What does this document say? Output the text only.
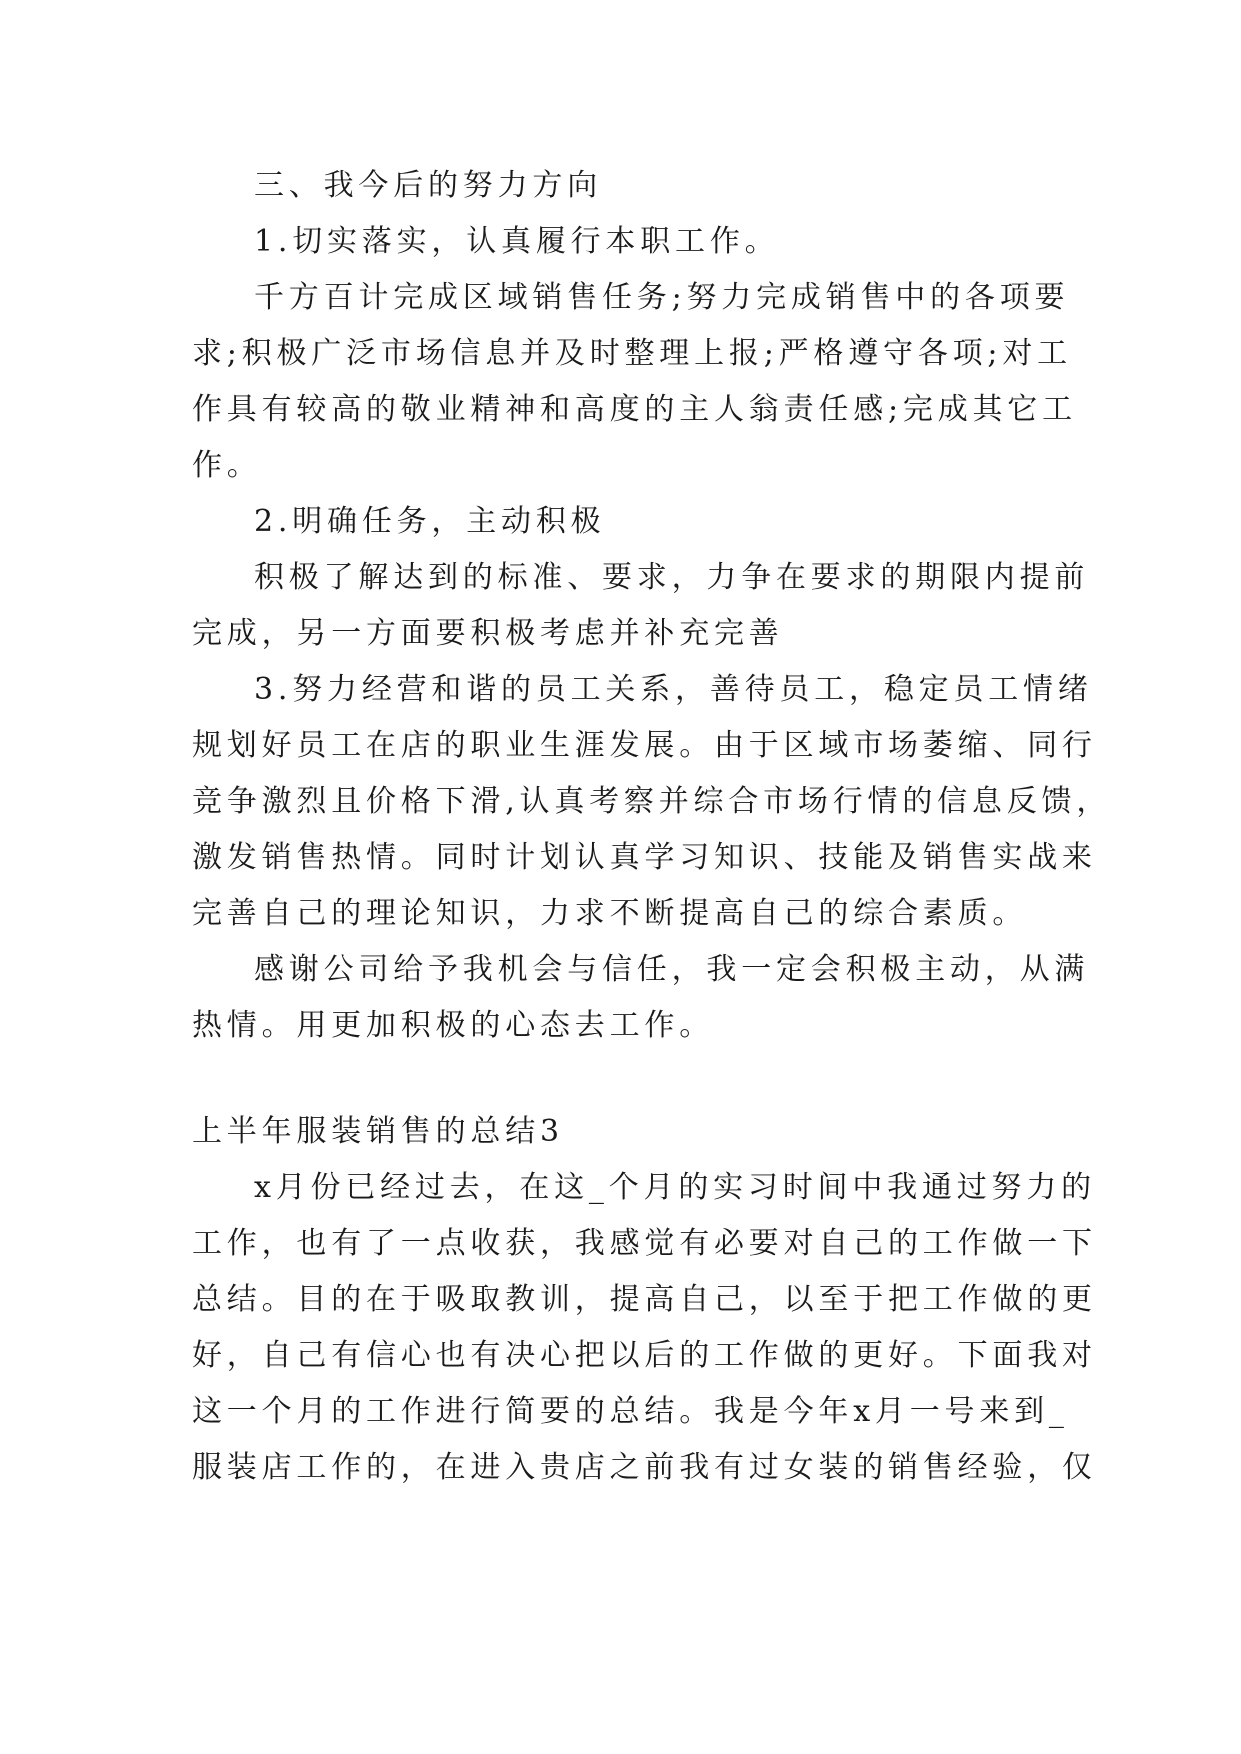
三、我今后的努力方向
1.切实落实，认真履行本职工作。
千方百计完成区域销售任务;努力完成销售中的各项要
求;积极广泛市场信息并及时整理上报;严格遵守各项;对工
作具有较高的敬业精神和高度的主人翁责任感;完成其它工
作。
2.明确任务，主动积极
积极了解达到的标准、要求，力争在要求的期限内提前
完成，另一方面要积极考虑并补充完善
3.努力经营和谐的员工关系，善待员工，稳定员工情绪
规划好员工在店的职业生涯发展。由于区域市场萎缩、同行
竞争激烈且价格下滑,认真考察并综合市场行情的信息反馈，
激发销售热情。同时计划认真学习知识、技能及销售实战来
完善自己的理论知识，力求不断提高自己的综合素质。
感谢公司给予我机会与信任，我一定会积极主动，从满
热情。用更加积极的心态去工作。
上半年服装销售的总结3
x月份已经过去，在这_个月的实习时间中我通过努力的
工作，也有了一点收获，我感觉有必要对自己的工作做一下
总结。目的在于吸取教训，提高自己，以至于把工作做的更
好，自己有信心也有决心把以后的工作做的更好。下面我对
这一个月的工作进行简要的总结。我是今年x月一号来到_
服装店工作的，在进入贵店之前我有过女装的销售经验，仅
